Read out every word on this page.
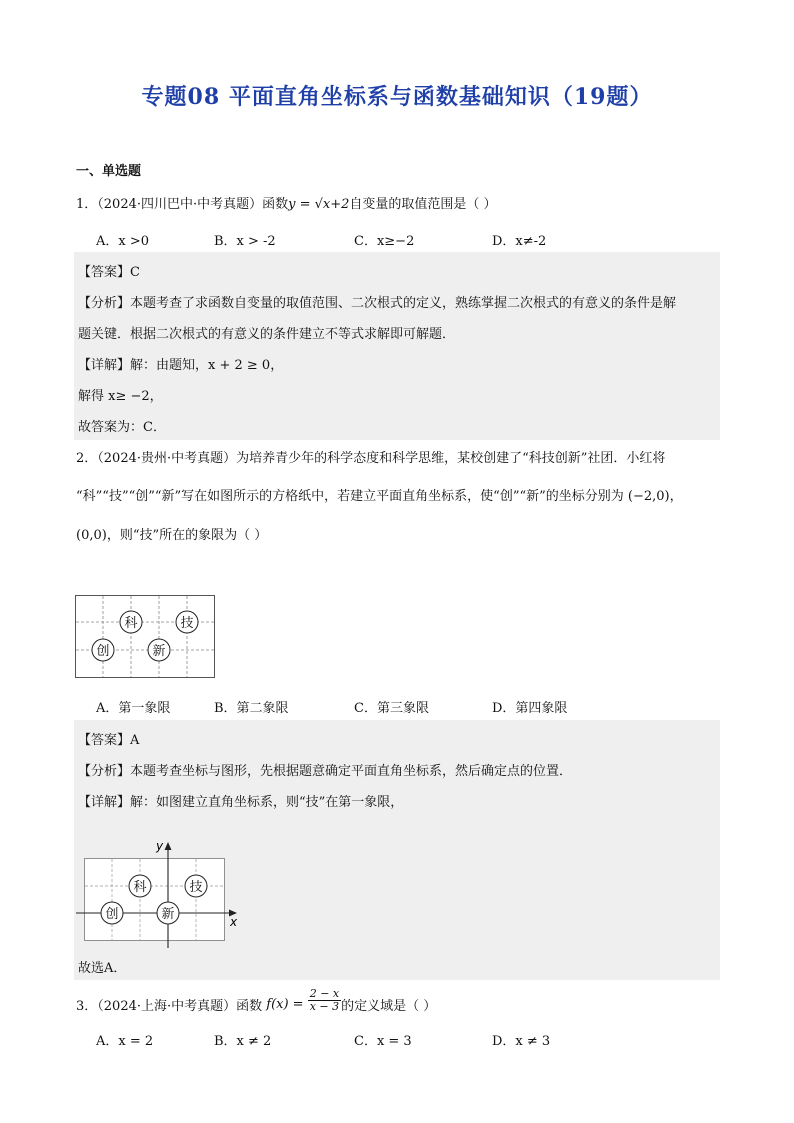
专题08 平面直角坐标系与函数基础知识（19题）
一、单选题
1．（2024·四川巴中·中考真题）函数y = √x+2自变量的取值范围是（ ）
A．x >0	B．x > -2	C．x≥−2	D．x≠-2
【答案】C
【分析】本题考查了求函数自变量的取值范围、二次根式的定义，熟练掌握二次根式的有意义的条件是解
题关键．根据二次根式的有意义的条件建立不等式求解即可解题．
【详解】解：由题知，x + 2 ≥ 0，
解得 x≥ −2，
故答案为：C．
2．（2024·贵州·中考真题）为培养青少年的科学态度和科学思维，某校创建了“科技创新”社团．小红将
“科”“技”“创”“新”写在如图所示的方格纸中，若建立平面直角坐标系，使“创”“新”的坐标分别为 (−2,0)，
(0,0)，则“技”所在的象限为（ ）
科	技
创	新
A．第一象限	B．第二象限	C．第三象限	D．第四象限
【答案】A
【分析】本题考查坐标与图形，先根据题意确定平面直角坐标系，然后确定点的位置．
【详解】解：如图建立直角坐标系，则“技”在第一象限，
x
y
科	技
创	新
故选A．
3．（2024·上海·中考真题）函数 $f(x) = \frac{2 - x}{x - 3}$ 的定义域是（ ）
A．x = 2	B．x ≠ 2	C．x = 3	D．x ≠ 3
